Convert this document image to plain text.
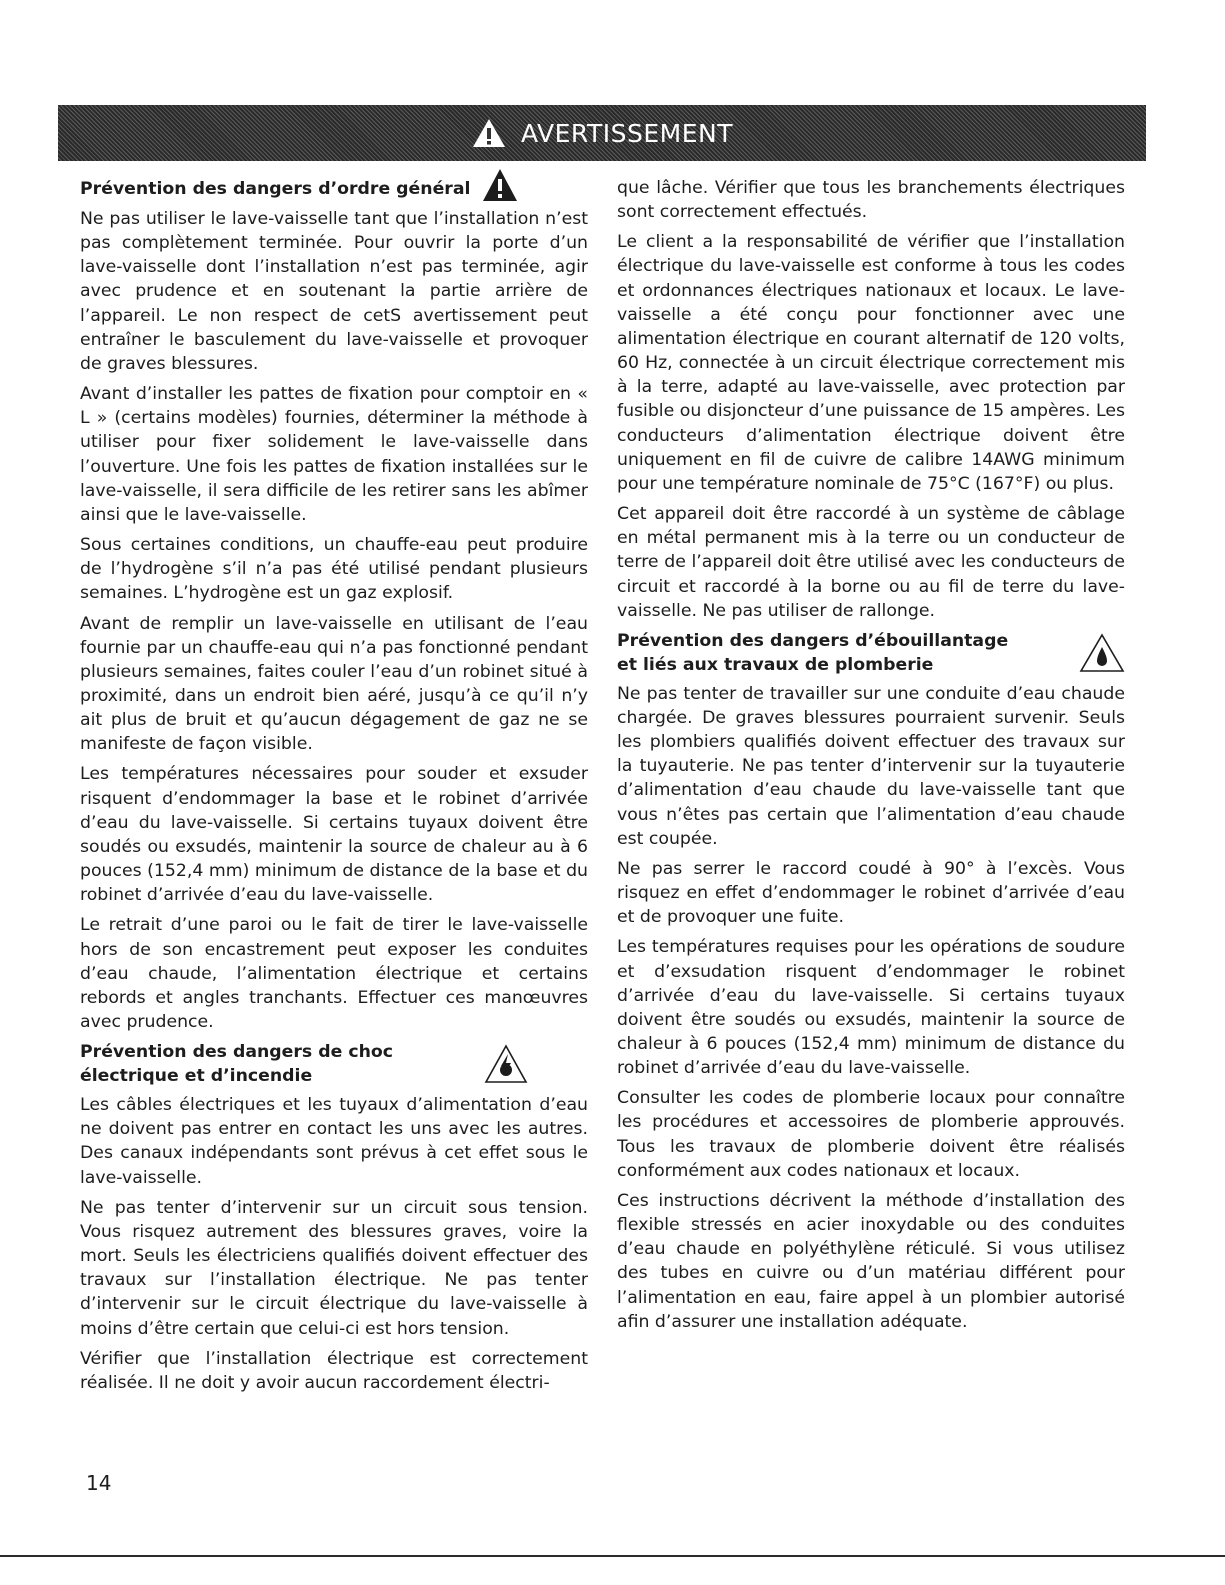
AVERTISSEMENT
Prévention des dangers d’ordre général

Ne pas utiliser le lave-vaisselle tant que l’installation n’est pas complètement terminée. Pour ouvrir la porte d’un lave-vaisselle dont l’installation n’est pas terminée, agir avec prudence et en soutenant la partie arrière de l’appareil. Le non respect de cetS avertissement peut entraîner le basculement du lave-vaisselle et provoquer de graves blessures.

Avant d’installer les pattes de fixation pour comptoir en « L » (certains modèles) fournies, déterminer la méthode à utiliser pour fixer solidement le lave-vaisselle dans l’ouverture. Une fois les pattes de fixation installées sur le lave-vaisselle, il sera difficile de les retirer sans les abîmer ainsi que le lave-vaisselle.

Sous certaines conditions, un chauffe-eau peut produire de l’hydrogène s’il n’a pas été utilisé pendant plusieurs semaines. L’hydrogène est un gaz explosif.

Avant de remplir un lave-vaisselle en utilisant de l’eau fournie par un chauffe-eau qui n’a pas fonctionné pendant plusieurs semaines, faites couler l’eau d’un robinet situé à proximité, dans un endroit bien aéré, jusqu’à ce qu’il n’y ait plus de bruit et qu’aucun dégagement de gaz ne se manifeste de façon visible.

Les températures nécessaires pour souder et exsuder risquent d’endommager la base et le robinet d’arrivée d’eau du lave-vaisselle. Si certains tuyaux doivent être soudés ou exsudés, maintenir la source de chaleur au à 6 pouces (152,4 mm) minimum de distance de la base et du robinet d’arrivée d’eau du lave-vaisselle.

Le retrait d’une paroi ou le fait de tirer le lave-vaisselle hors de son encastrement peut exposer les conduites d’eau chaude, l’alimentation électrique et certains rebords et angles tranchants. Effectuer ces manœuvres avec prudence.

Prévention des dangers de choc
électrique et d’incendie

Les câbles électriques et les tuyaux d’alimentation d’eau ne doivent pas entrer en contact les uns avec les autres. Des canaux indépendants sont prévus à cet effet sous le lave-vaisselle.

Ne pas tenter d’intervenir sur un circuit sous tension. Vous risquez autrement des blessures graves, voire la mort. Seuls les électriciens qualifiés doivent effectuer des travaux sur l’installation électrique. Ne pas tenter d’intervenir sur le circuit électrique du lave-vaisselle à moins d’être certain que celui-ci est hors tension.

Vérifier que l’installation électrique est correctement réalisée. Il ne doit y avoir aucun raccordement électri-

que lâche. Vérifier que tous les branchements électriques sont correctement effectués.

Le client a la responsabilité de vérifier que l’installation électrique du lave-vaisselle est conforme à tous les codes et ordonnances électriques nationaux et locaux. Le lave-vaisselle a été conçu pour fonctionner avec une alimentation électrique en courant alternatif de 120 volts, 60 Hz, connectée à un circuit électrique correctement mis à la terre, adapté au lave-vaisselle, avec protection par fusible ou disjoncteur d’une puissance de 15 ampères. Les conducteurs d’alimentation électrique doivent être uniquement en fil de cuivre de calibre 14AWG minimum pour une température nominale de 75°C (167°F) ou plus.

Cet appareil doit être raccordé à un système de câblage en métal permanent mis à la terre ou un conducteur de terre de l’appareil doit être utilisé avec les conducteurs de circuit et raccordé à la borne ou au fil de terre du lave-vaisselle. Ne pas utiliser de rallonge.

Prévention des dangers d’ébouillantage
et liés aux travaux de plomberie

Ne pas tenter de travailler sur une conduite d’eau chaude chargée. De graves blessures pourraient survenir. Seuls les plombiers qualifiés doivent effectuer des travaux sur la tuyauterie. Ne pas tenter d’intervenir sur la tuyauterie d’alimentation d’eau chaude du lave-vaisselle tant que vous n’êtes pas certain que l’alimentation d’eau chaude est coupée.

Ne pas serrer le raccord coudé à 90° à l’excès. Vous risquez en effet d’endommager le robinet d’arrivée d’eau et de provoquer une fuite.

Les températures requises pour les opérations de soudure et d’exsudation risquent d’endommager le robinet d’arrivée d’eau du lave-vaisselle. Si certains tuyaux doivent être soudés ou exsudés, maintenir la source de chaleur à 6 pouces (152,4 mm) minimum de distance du robinet d’arrivée d’eau du lave-vaisselle.

Consulter les codes de plomberie locaux pour connaître les procédures et accessoires de plomberie approuvés. Tous les travaux de plomberie doivent être réalisés conformément aux codes nationaux et locaux.

Ces instructions décrivent la méthode d’installation des flexible stressés en acier inoxydable ou des conduites d’eau chaude en polyéthylène réticulé. Si vous utilisez des tubes en cuivre ou d’un matériau différent pour l’alimentation en eau, faire appel à un plombier autorisé afin d’assurer une installation adéquate.

14
